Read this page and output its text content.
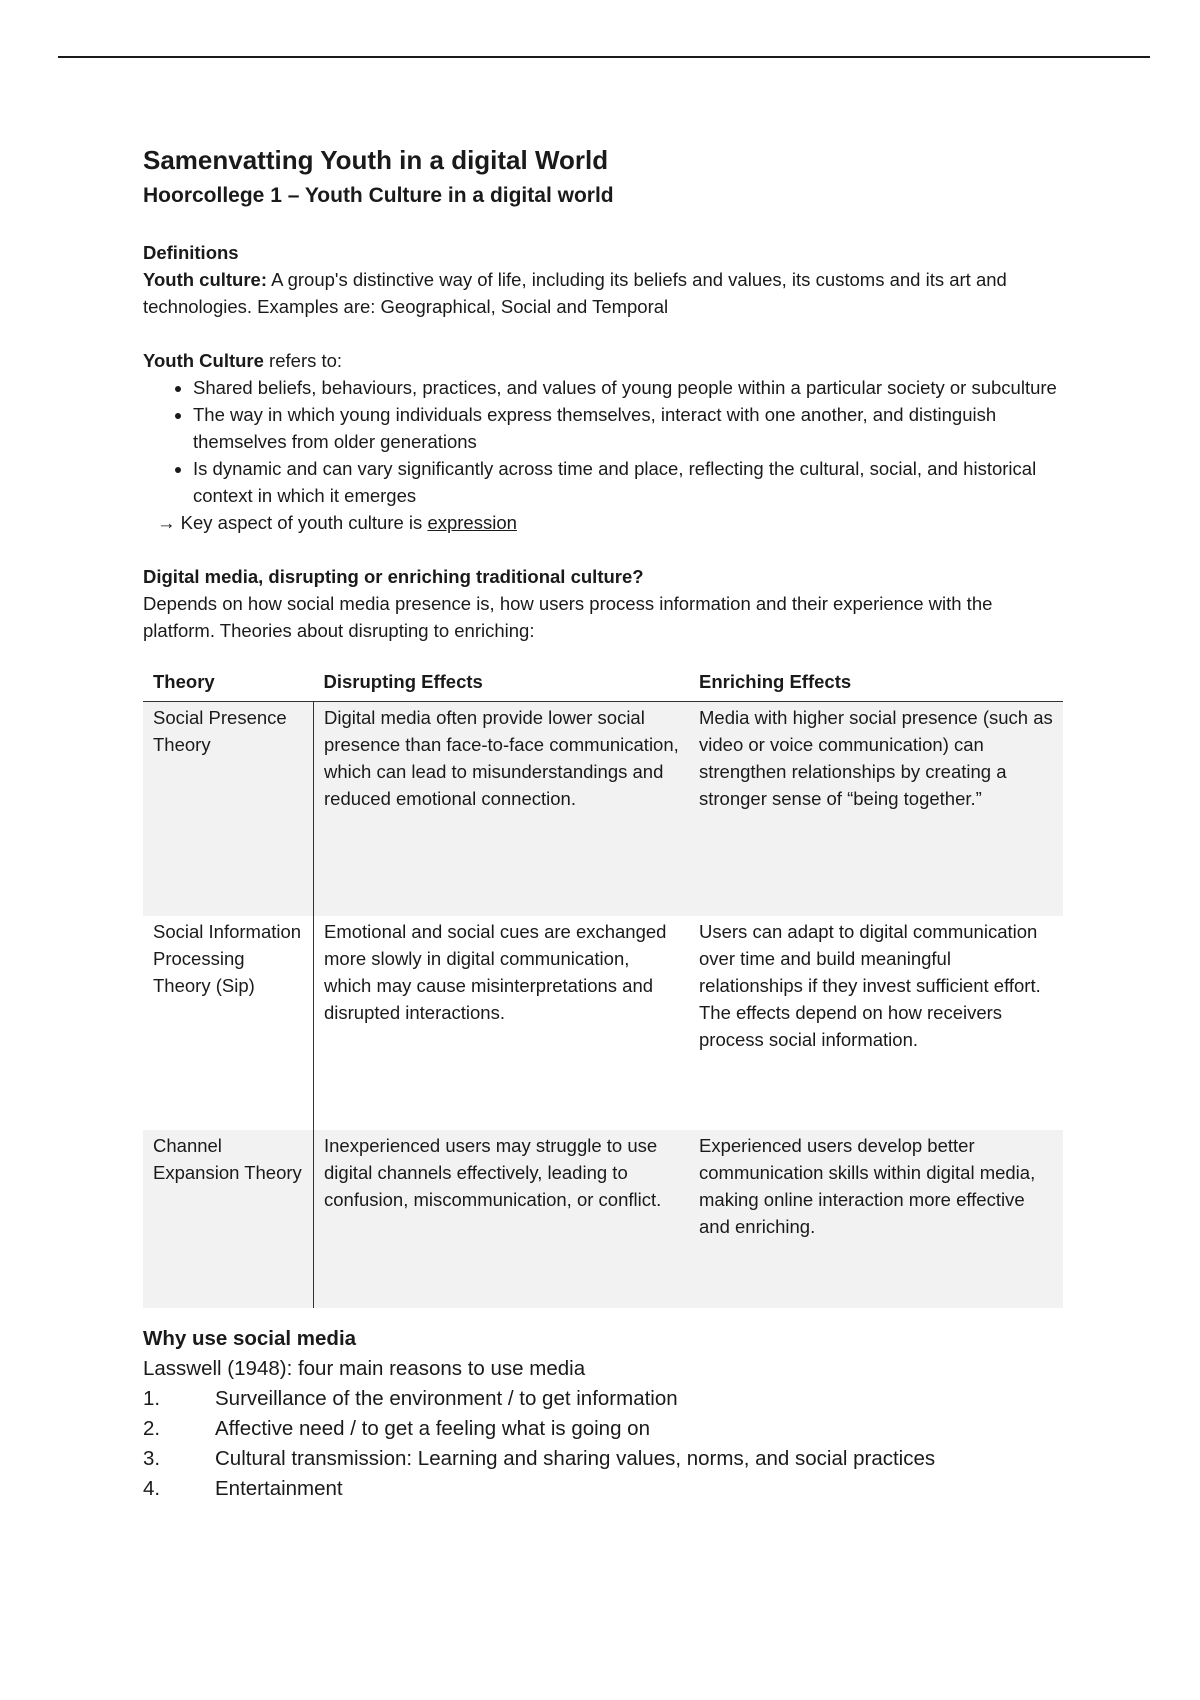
Samenvatting Youth in a digital World
Hoorcollege 1 – Youth Culture in a digital world
Definitions

Youth culture: A group's distinctive way of life, including its beliefs and values, its customs and its art and technologies. Examples are: Geographical, Social and Temporal

Youth Culture refers to:

• Shared beliefs, behaviours, practices, and values of young people within a particular society or subculture
• The way in which young individuals express themselves, interact with one another, and distinguish themselves from older generations
• Is dynamic and can vary significantly across time and place, reflecting the cultural, social, and historical context in which it emerges

→ Key aspect of youth culture is expression

Digital media, disrupting or enriching traditional culture?

Depends on how social media presence is, how users process information and their experience with the platform. Theories about disrupting to enriching:

Theory	Disrupting Effects	Enriching Effects
Social Presence Theory	Digital media often provide lower social presence than face-to-face communication, which can lead to misunderstandings and reduced emotional connection.	Media with higher social presence (such as video or voice communication) can strengthen relationships by creating a stronger sense of “being together.”
Social Information Processing Theory (Sip)	Emotional and social cues are exchanged more slowly in digital communication, which may cause misinterpretations and disrupted interactions.	Users can adapt to digital communication over time and build meaningful relationships if they invest sufficient effort. The effects depend on how receivers process social information.
Channel Expansion Theory	Inexperienced users may struggle to use digital channels effectively, leading to confusion, miscommunication, or conflict.	Experienced users develop better communication skills within digital media, making online interaction more effective and enriching.
Why use social media
Lasswell (1948): four main reasons to use media
1.	Surveillance of the environment / to get information
2.	Affective need / to get a feeling what is going on
3.	Cultural transmission: Learning and sharing values, norms, and social practices
4.	Entertainment
